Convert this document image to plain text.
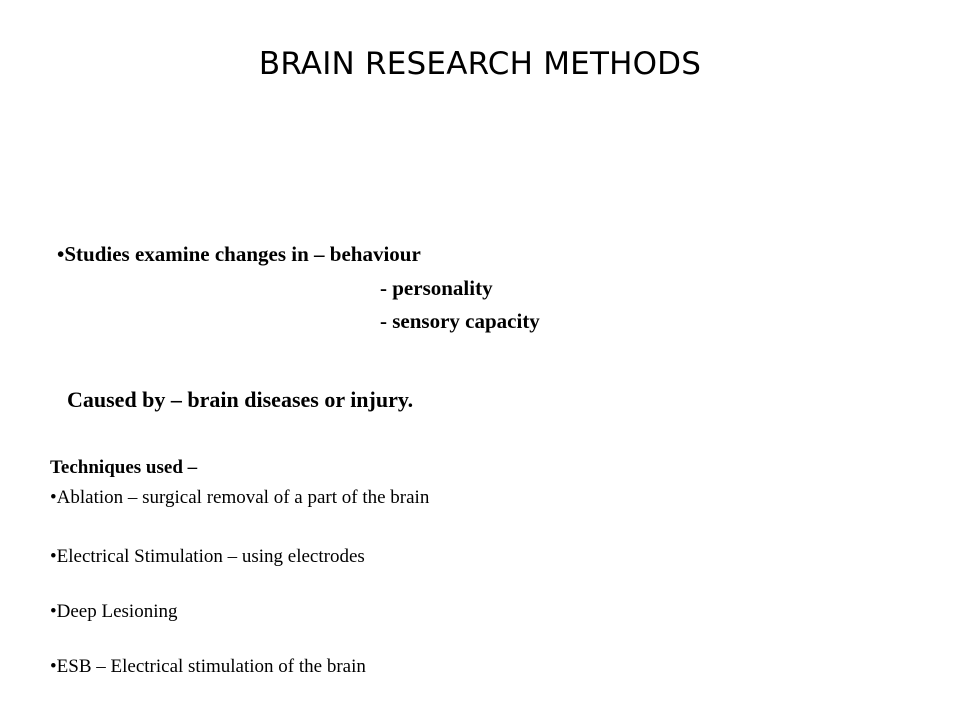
BRAIN RESEARCH METHODS
•Studies examine changes in – behaviour
- personality
- sensory capacity
Caused by – brain diseases or injury.
Techniques used –
•Ablation – surgical removal of a part of the brain
•Electrical Stimulation – using electrodes
•Deep Lesioning
•ESB – Electrical stimulation of the brain
